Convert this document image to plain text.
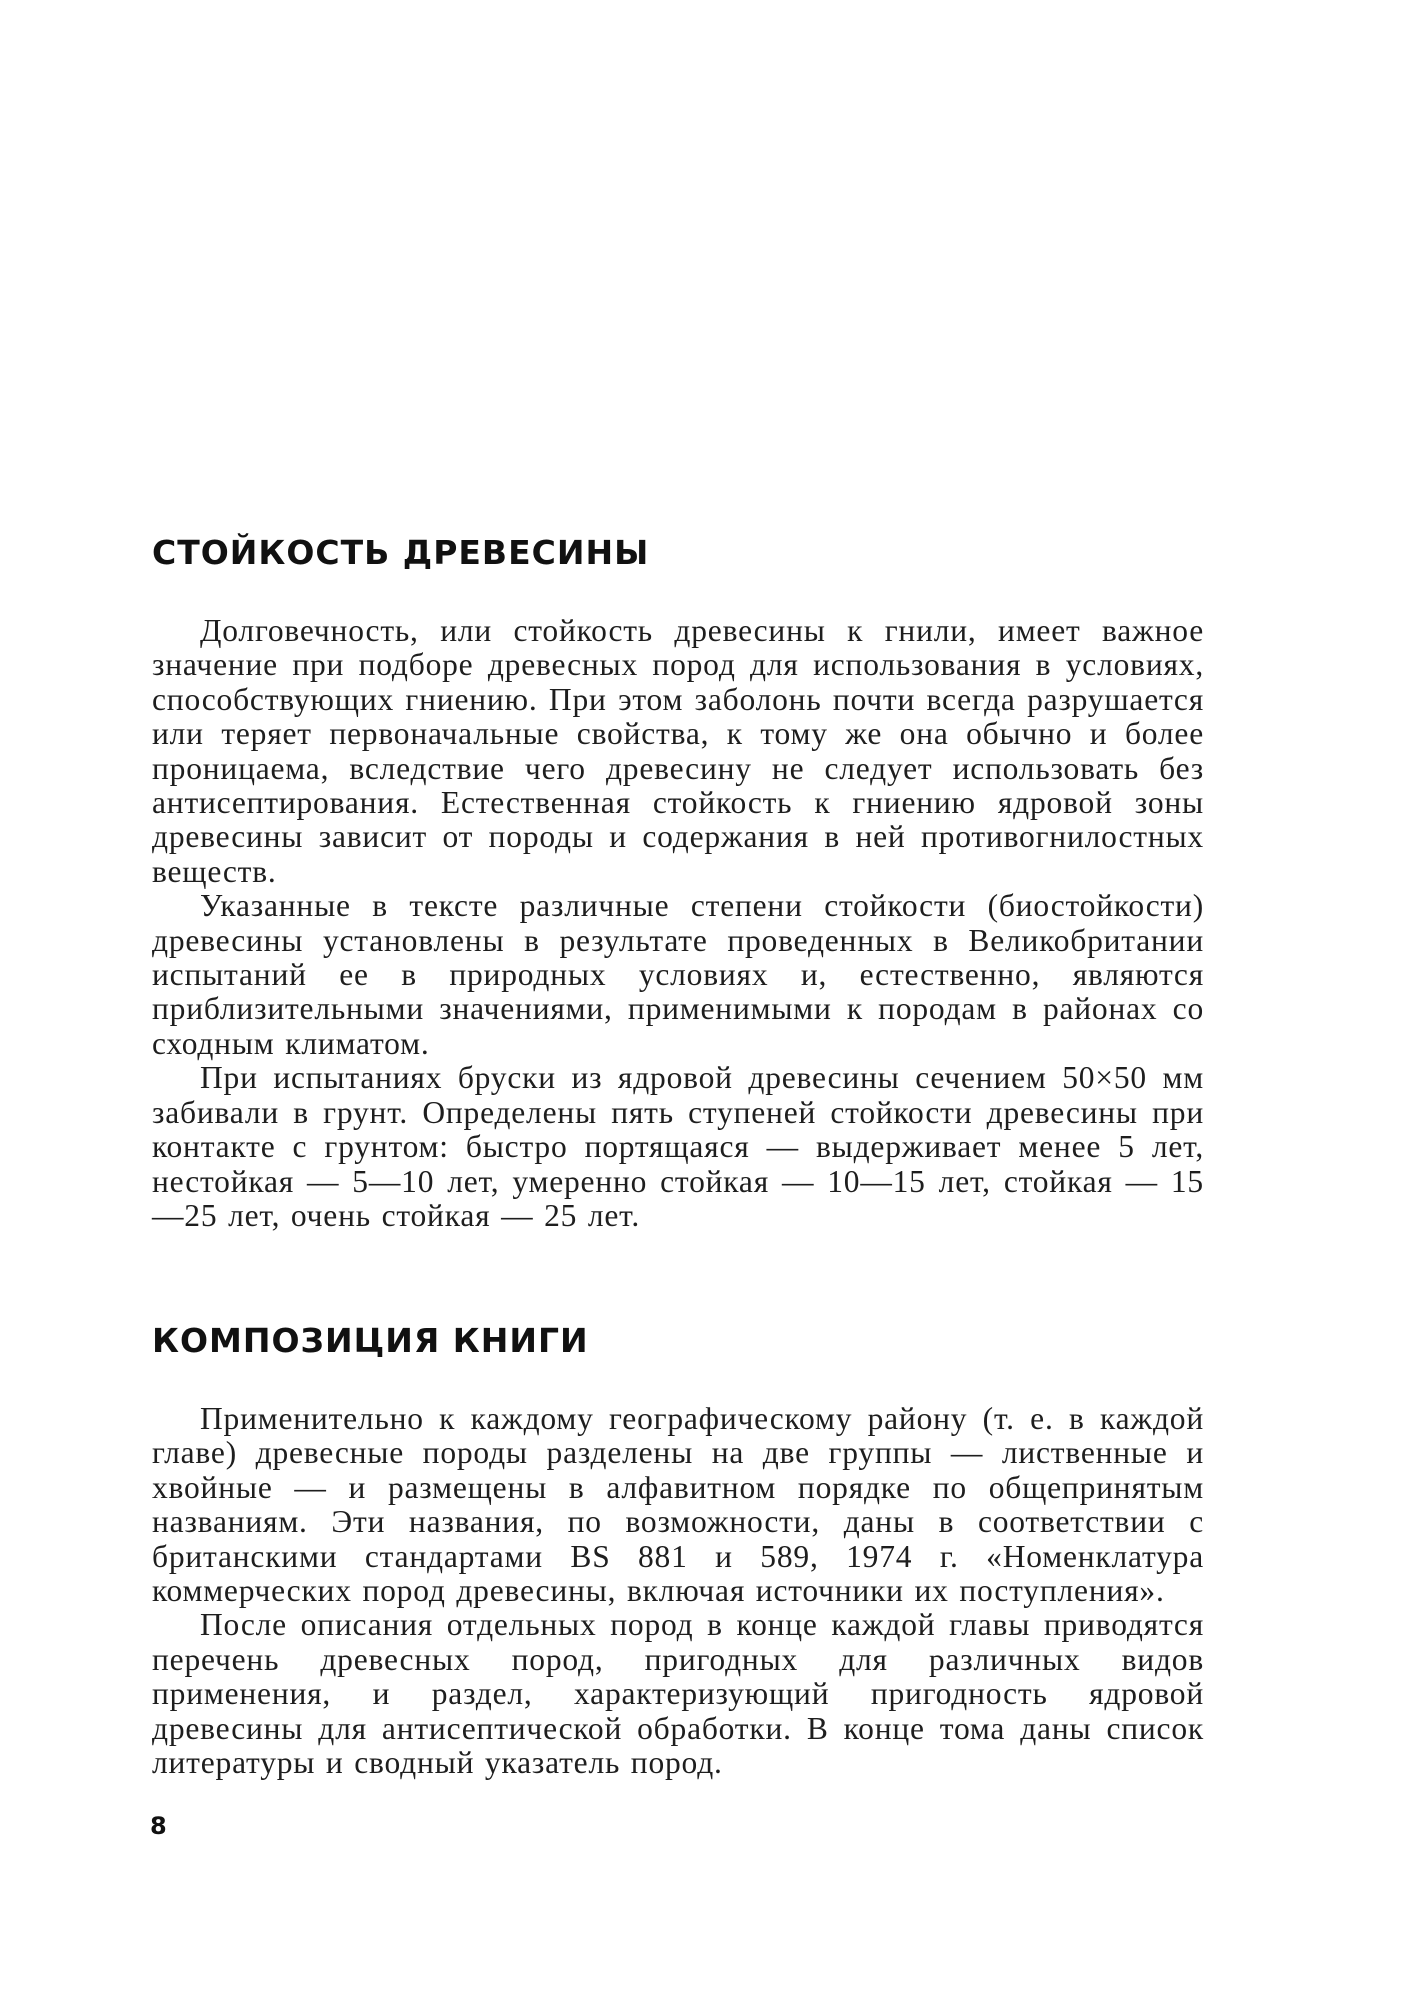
СТОЙКОСТЬ ДРЕВЕСИНЫ

Долговечность, или стойкость древесины к гнили, имеет важное значение при подборе древесных пород для использования в условиях, способствующих гниению. При этом заболонь почти всегда разрушается или теряет первоначальные свойства, к тому же она обычно и более проницаема, вследствие чего древесину не следует использовать без антисептирования. Естественная стойкость к гниению ядровой зоны древесины зависит от породы и содержания в ней противогнилостных веществ.

Указанные в тексте различные степени стойкости (биостойкости) древесины установлены в результате проведенных в Великобритании испытаний ее в природных условиях и, естественно, являются приблизительными значениями, применимыми к породам в районах со сходным климатом.

При испытаниях бруски из ядровой древесины сечением 50×50 мм забивали в грунт. Определены пять ступеней стойкости древесины при контакте с грунтом: быстро портящаяся — выдерживает менее 5 лет, нестойкая — 5—10 лет, умеренно стойкая — 10—15 лет, стойкая — 15—25 лет, очень стойкая — 25 лет.

КОМПОЗИЦИЯ КНИГИ

Применительно к каждому географическому району (т. е. в каждой главе) древесные породы разделены на две группы — лиственные и хвойные — и размещены в алфавитном порядке по общепринятым названиям. Эти названия, по возможности, даны в соответствии с британскими стандартами BS 881 и 589, 1974 г. «Номенклатура коммерческих пород древесины, включая источники их поступления».

После описания отдельных пород в конце каждой главы приводятся перечень древесных пород, пригодных для различных видов применения, и раздел, характеризующий пригодность ядровой древесины для антисептической обработки. В конце тома даны список литературы и сводный указатель пород.

8
